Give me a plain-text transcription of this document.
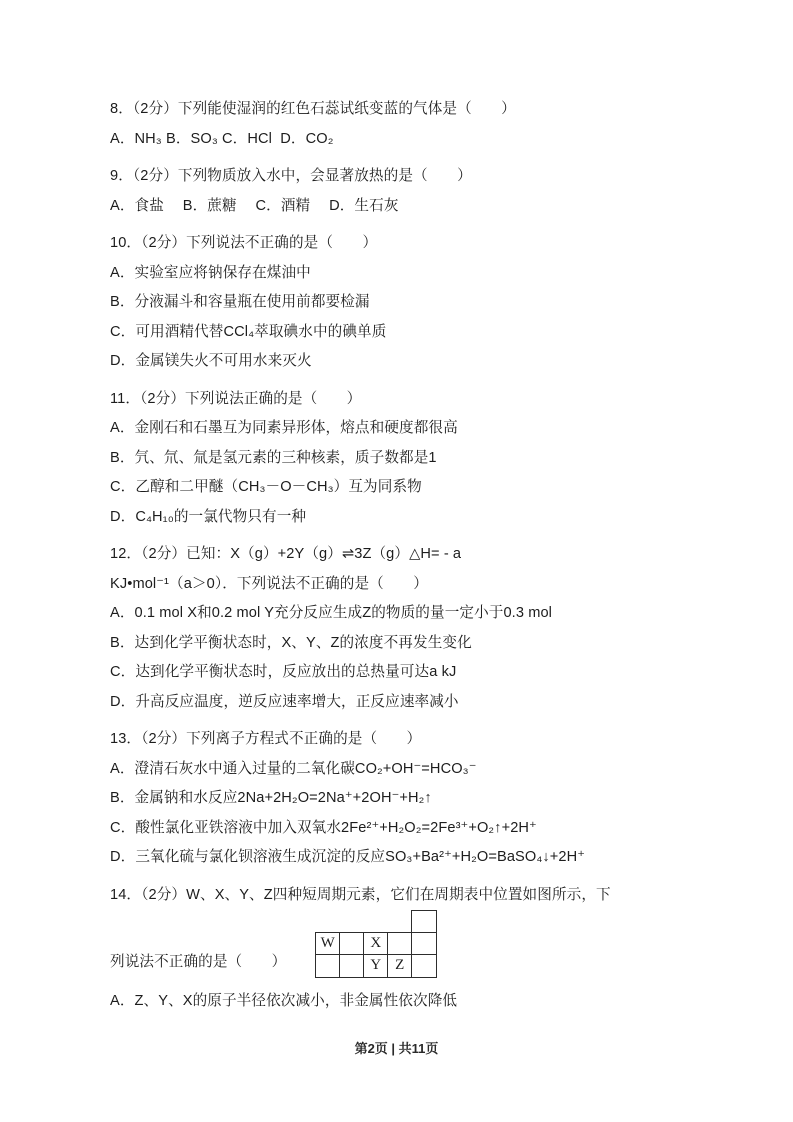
8．（2分）下列能使湿润的红色石蕊试纸变蓝的气体是（　　）
A．NH₃ B．SO₃ C．HCl  D．CO₂
9．（2分）下列物质放入水中，会显著放热的是（　　）
A．食盐　 B．蔗糖　 C．酒精　 D．生石灰
10．（2分）下列说法不正确的是（　　）
A．实验室应将钠保存在煤油中
B．分液漏斗和容量瓶在使用前都要检漏
C．可用酒精代替CCl₄萃取碘水中的碘单质
D．金属镁失火不可用水来灭火
11．（2分）下列说法正确的是（　　）
A．金刚石和石墨互为同素异形体，熔点和硬度都很高
B．氕、氘、氚是氢元素的三种核素，质子数都是1
C．乙醇和二甲醚（CH₃－O－CH₃）互为同系物
D．C₄H₁₀的一氯代物只有一种
12．（2分）已知：X（g）+2Y（g）⇌3Z（g）△H= - a
KJ•mol⁻¹（a＞0）．下列说法不正确的是（　　）
A．0.1 mol X和0.2 mol Y充分反应生成Z的物质的量一定小于0.3 mol
B．达到化学平衡状态时，X、Y、Z的浓度不再发生变化
C．达到化学平衡状态时，反应放出的总热量可达a kJ
D．升高反应温度，逆反应速率增大，正反应速率减小
13．（2分）下列离子方程式不正确的是（　　）
A．澄清石灰水中通入过量的二氧化碳CO₂+OH⁻=HCO₃⁻
B．金属钠和水反应2Na+2H₂O=2Na⁺+2OH⁻+H₂↑
C．酸性氯化亚铁溶液中加入双氧水2Fe²⁺+H₂O₂=2Fe³⁺+O₂↑+2H⁺
D．三氧化硫与氯化钡溶液生成沉淀的反应SO₃+Ba²⁺+H₂O=BaSO₄↓+2H⁺
14．（2分）W、X、Y、Z四种短周期元素，它们在周期表中位置如图所示，下
列说法不正确的是（　　）
W	X
Y Z
A．Z、Y、X的原子半径依次减小，非金属性依次降低
第2页 | 共11页
